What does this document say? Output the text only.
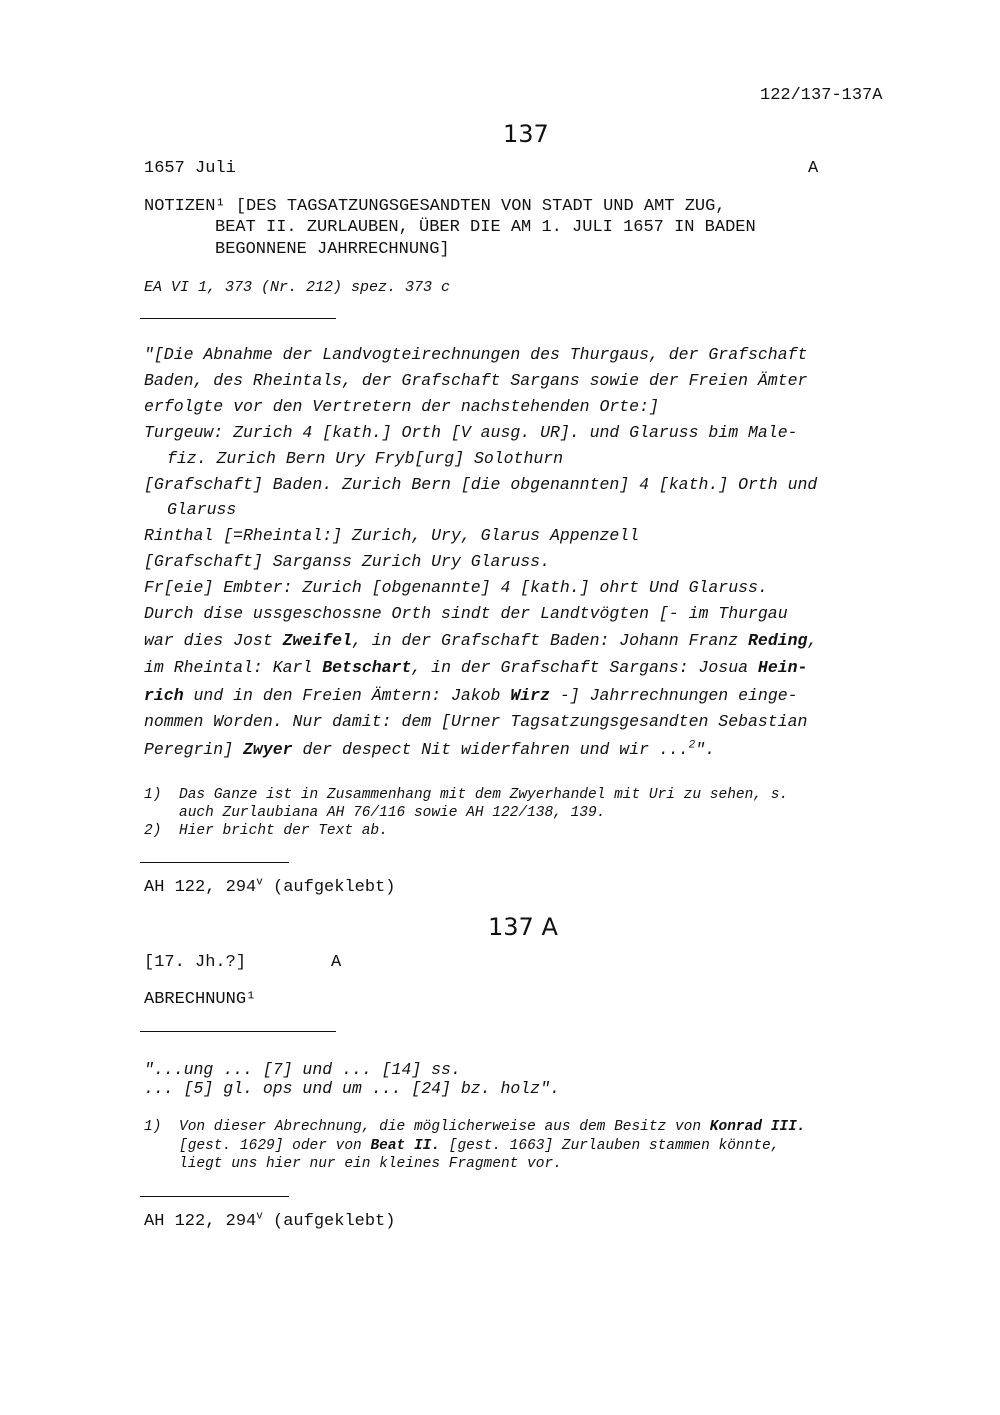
122/137-137A
137
1657 Juli	A
NOTIZEN¹ [DES TAGSATZUNGSGESANDTEN VON STADT UND AMT ZUG,
BEAT II. ZURLAUBEN, ÜBER DIE AM 1. JULI 1657 IN BADEN
BEGONNENE JAHRRECHNUNG]
EA VI 1, 373 (Nr. 212) spez. 373 c
"[Die Abnahme der Landvogteirechnungen des Thurgaus, der Grafschaft
Baden, des Rheintals, der Grafschaft Sargans sowie der Freien Ämter
erfolgte vor den Vertretern der nachstehenden Orte:]
Turgeuw: Zurich 4 [kath.] Orth [V ausg. UR]. und Glaruss bim Male-
fiz. Zurich Bern Ury Fryb[urg] Solothurn
[Grafschaft] Baden. Zurich Bern [die obgenannten] 4 [kath.] Orth und
Glaruss
Rinthal [=Rheintal:] Zurich, Ury, Glarus Appenzell
[Grafschaft] Sarganss Zurich Ury Glaruss.
Fr[eie] Embter: Zurich [obgenannte] 4 [kath.] ohrt Und Glaruss.
Durch dise ussgeschossne Orth sindt der Landtvögten [- im Thurgau
war dies Jost Zweifel, in der Grafschaft Baden: Johann Franz Reding,
im Rheintal: Karl Betschart, in der Grafschaft Sargans: Josua Hein-
rich und in den Freien Ämtern: Jakob Wirz -] Jahrrechnungen einge-
nommen Worden. Nur damit: dem [Urner Tagsatzungsgesandten Sebastian
Peregrin] Zwyer der despect Nit widerfahren und wir ...$^2$".
1) Das Ganze ist in Zusammenhang mit dem Zwyerhandel mit Uri zu sehen, s.
auch Zurlaubiana AH 76/116 sowie AH 122/138, 139.
2) Hier bricht der Text ab.
AH 122, 294$^v$ (aufgeklebt)
137 A
[17. Jh.?]	A
ABRECHNUNG¹
"...ung ... [7] und ... [14] ss.
... [5] gl. ops und um ... [24] bz. holz".
1) Von dieser Abrechnung, die möglicherweise aus dem Besitz von Konrad III.
[gest. 1629] oder von Beat II. [gest. 1663] Zurlauben stammen könnte,
liegt uns hier nur ein kleines Fragment vor.
AH 122, 294$^v$ (aufgeklebt)
